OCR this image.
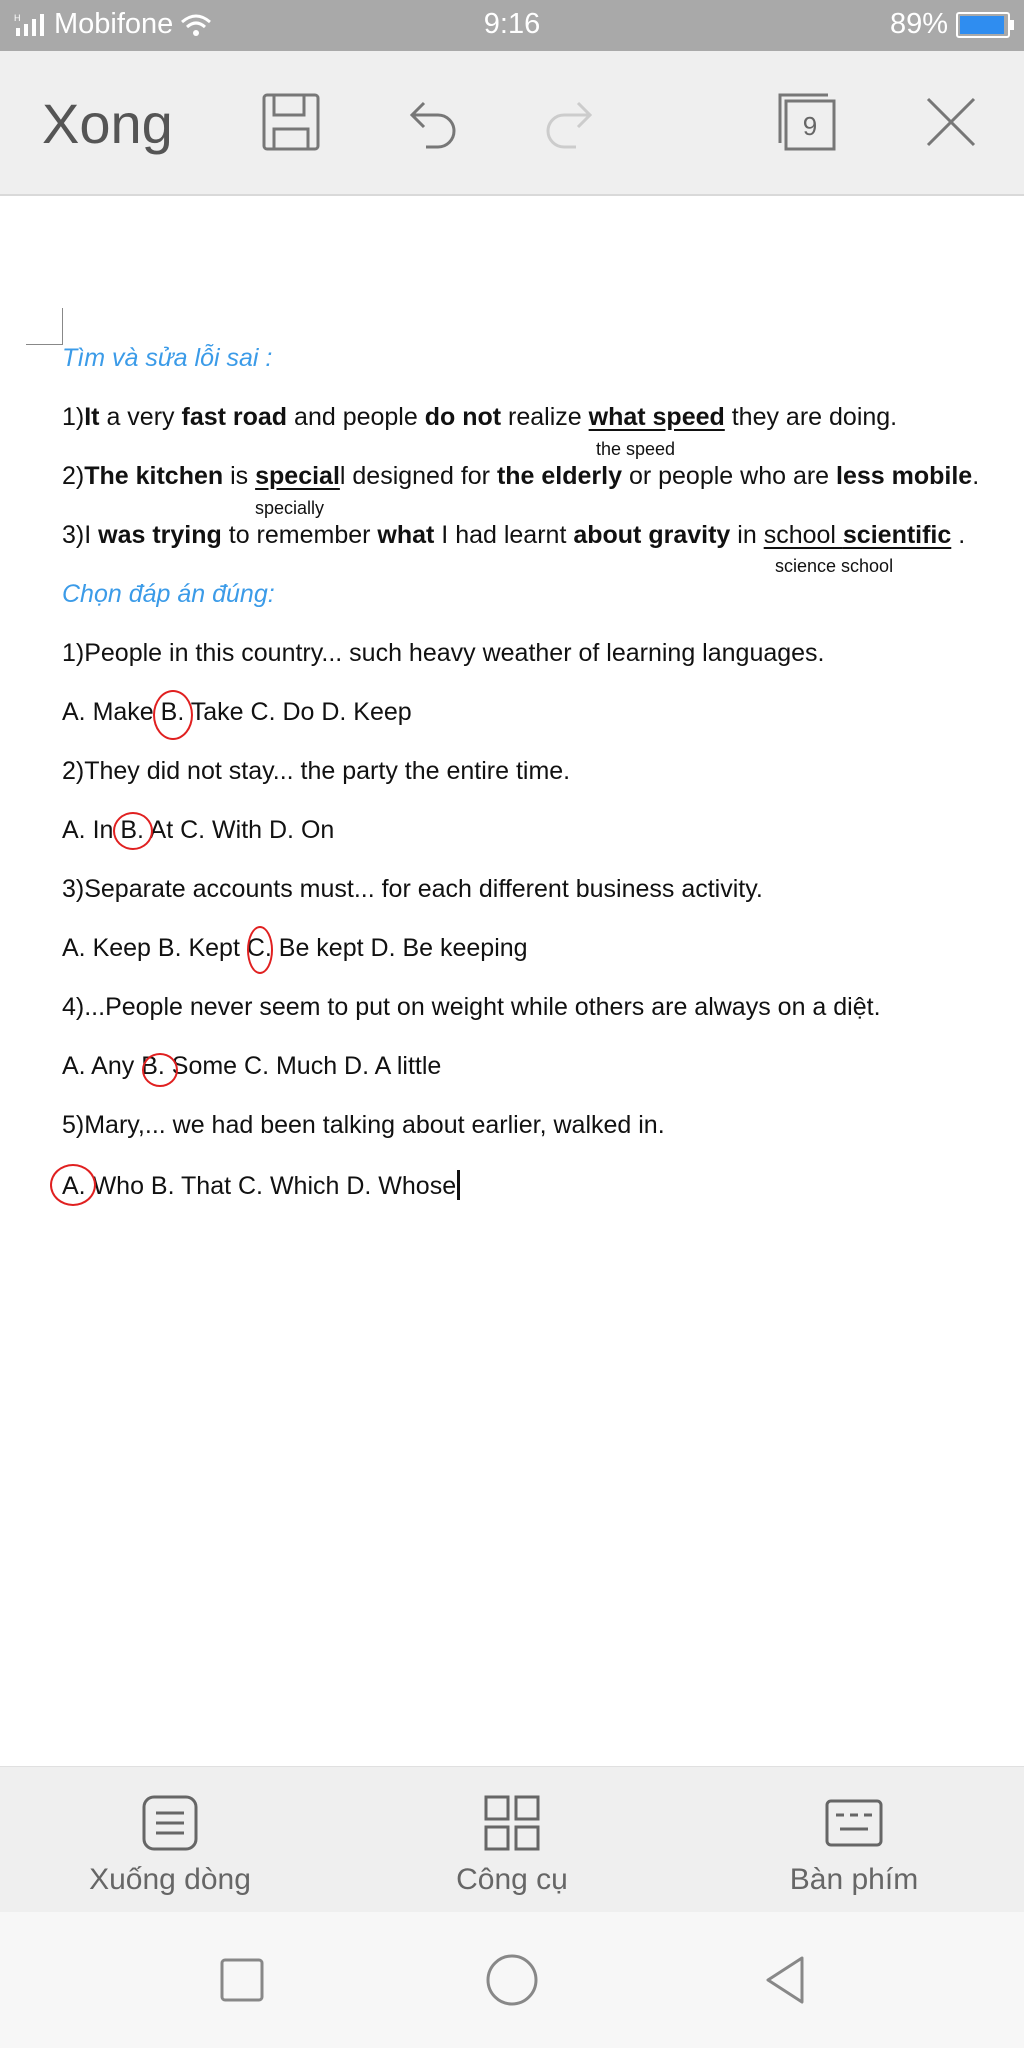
H Mobifone	9:16	89%
Xong	9
Tìm và sửa lỗi sai :
1)It a very fast road and people do not realize what speed they are doing.
the speed
2)The kitchen is speciall designed for the elderly or people who are less mobile.
specially
3)I was trying to remember what I had learnt about gravity in school scientific .
science school
Chọn đáp án đúng:
1)People in this country... such heavy weather of learning languages.
A. Make B. Take C. Do D. Keep
2)They did not stay... the party the entire time.
A. In B. At C. With D. On
3)Separate accounts must... for each different business activity.
A. Keep B. Kept C. Be kept D. Be keeping
4)...People never seem to put on weight while others are always on a diệt.
A. Any B. Some C. Much D. A little
5)Mary,... we had been talking about earlier, walked in.
A. Who B. That C. Which D. Whose
Xuống dòng	Công cụ	Bàn phím
